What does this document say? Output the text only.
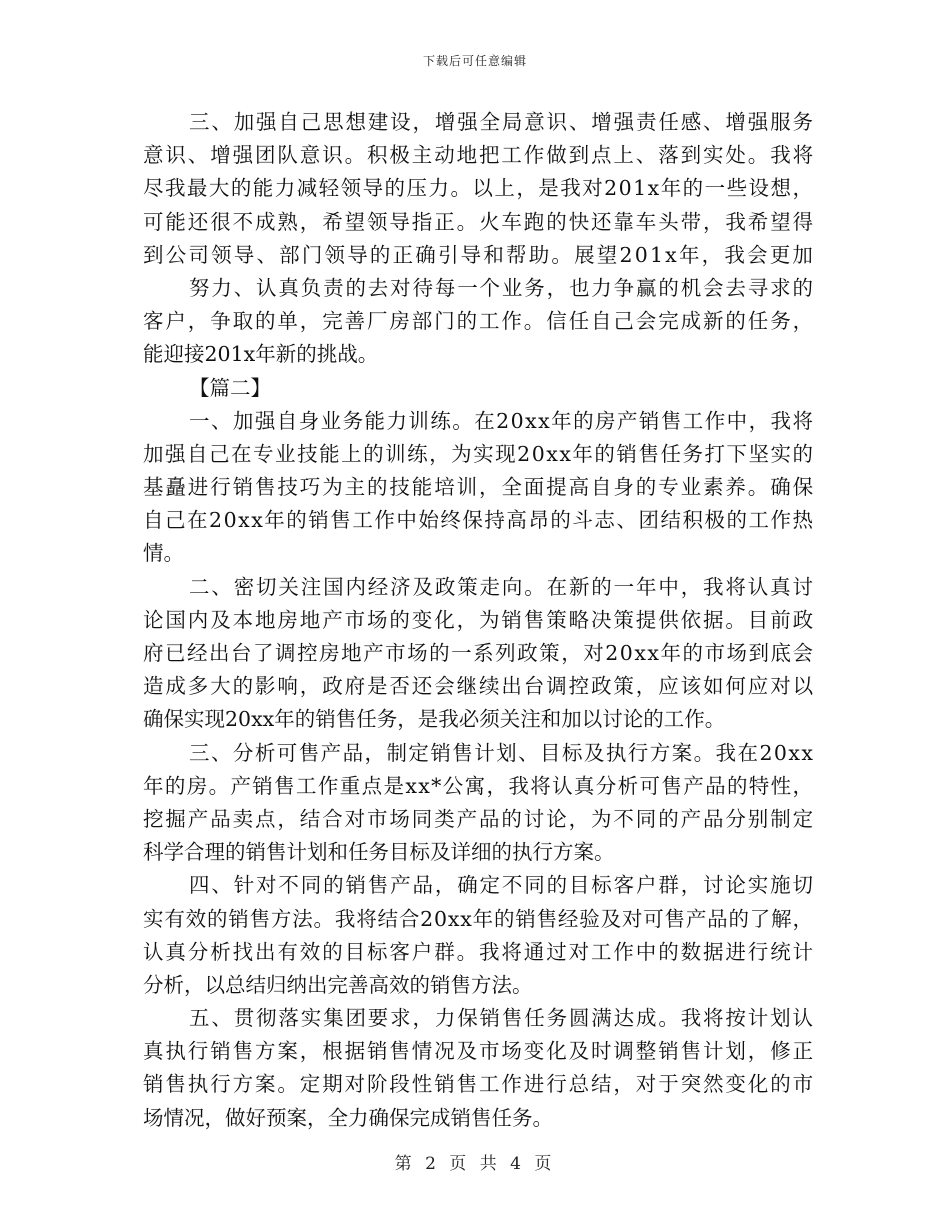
下载后可任意编辑
三、加强自己思想建设，增强全局意识、增强责任感、增强服务
意识、增强团队意识。积极主动地把工作做到点上、落到实处。我将
尽我最大的能力减轻领导的压力。以上，是我对201x年的一些设想，
可能还很不成熟，希望领导指正。火车跑的快还靠车头带，我希望得
到公司领导、部门领导的正确引导和帮助。展望201x年，我会更加
努力、认真负责的去对待每一个业务，也力争赢的机会去寻求的
客户，争取的单，完善厂房部门的工作。信任自己会完成新的任务，
能迎接201x年新的挑战。
【篇二】
一、加强自身业务能力训练。在20xx年的房产销售工作中，我将
加强自己在专业技能上的训练，为实现20xx年的销售任务打下坚实的
基矗进行销售技巧为主的技能培训，全面提高自身的专业素养。确保
自己在20xx年的销售工作中始终保持高昂的斗志、团结积极的工作热
情。
二、密切关注国内经济及政策走向。在新的一年中，我将认真讨
论国内及本地房地产市场的变化，为销售策略决策提供依据。目前政
府已经出台了调控房地产市场的一系列政策，对20xx年的市场到底会
造成多大的影响，政府是否还会继续出台调控政策，应该如何应对以
确保实现20xx年的销售任务，是我必须关注和加以讨论的工作。
三、分析可售产品，制定销售计划、目标及执行方案。我在20xx
年的房。产销售工作重点是xx*公寓，我将认真分析可售产品的特性，
挖掘产品卖点，结合对市场同类产品的讨论，为不同的产品分别制定
科学合理的销售计划和任务目标及详细的执行方案。
四、针对不同的销售产品，确定不同的目标客户群，讨论实施切
实有效的销售方法。我将结合20xx年的销售经验及对可售产品的了解，
认真分析找出有效的目标客户群。我将通过对工作中的数据进行统计
分析，以总结归纳出完善高效的销售方法。
五、贯彻落实集团要求，力保销售任务圆满达成。我将按计划认
真执行销售方案，根据销售情况及市场变化及时调整销售计划，修正
销售执行方案。定期对阶段性销售工作进行总结，对于突然变化的市
场情况，做好预案，全力确保完成销售任务。
第 2 页 共 4 页
